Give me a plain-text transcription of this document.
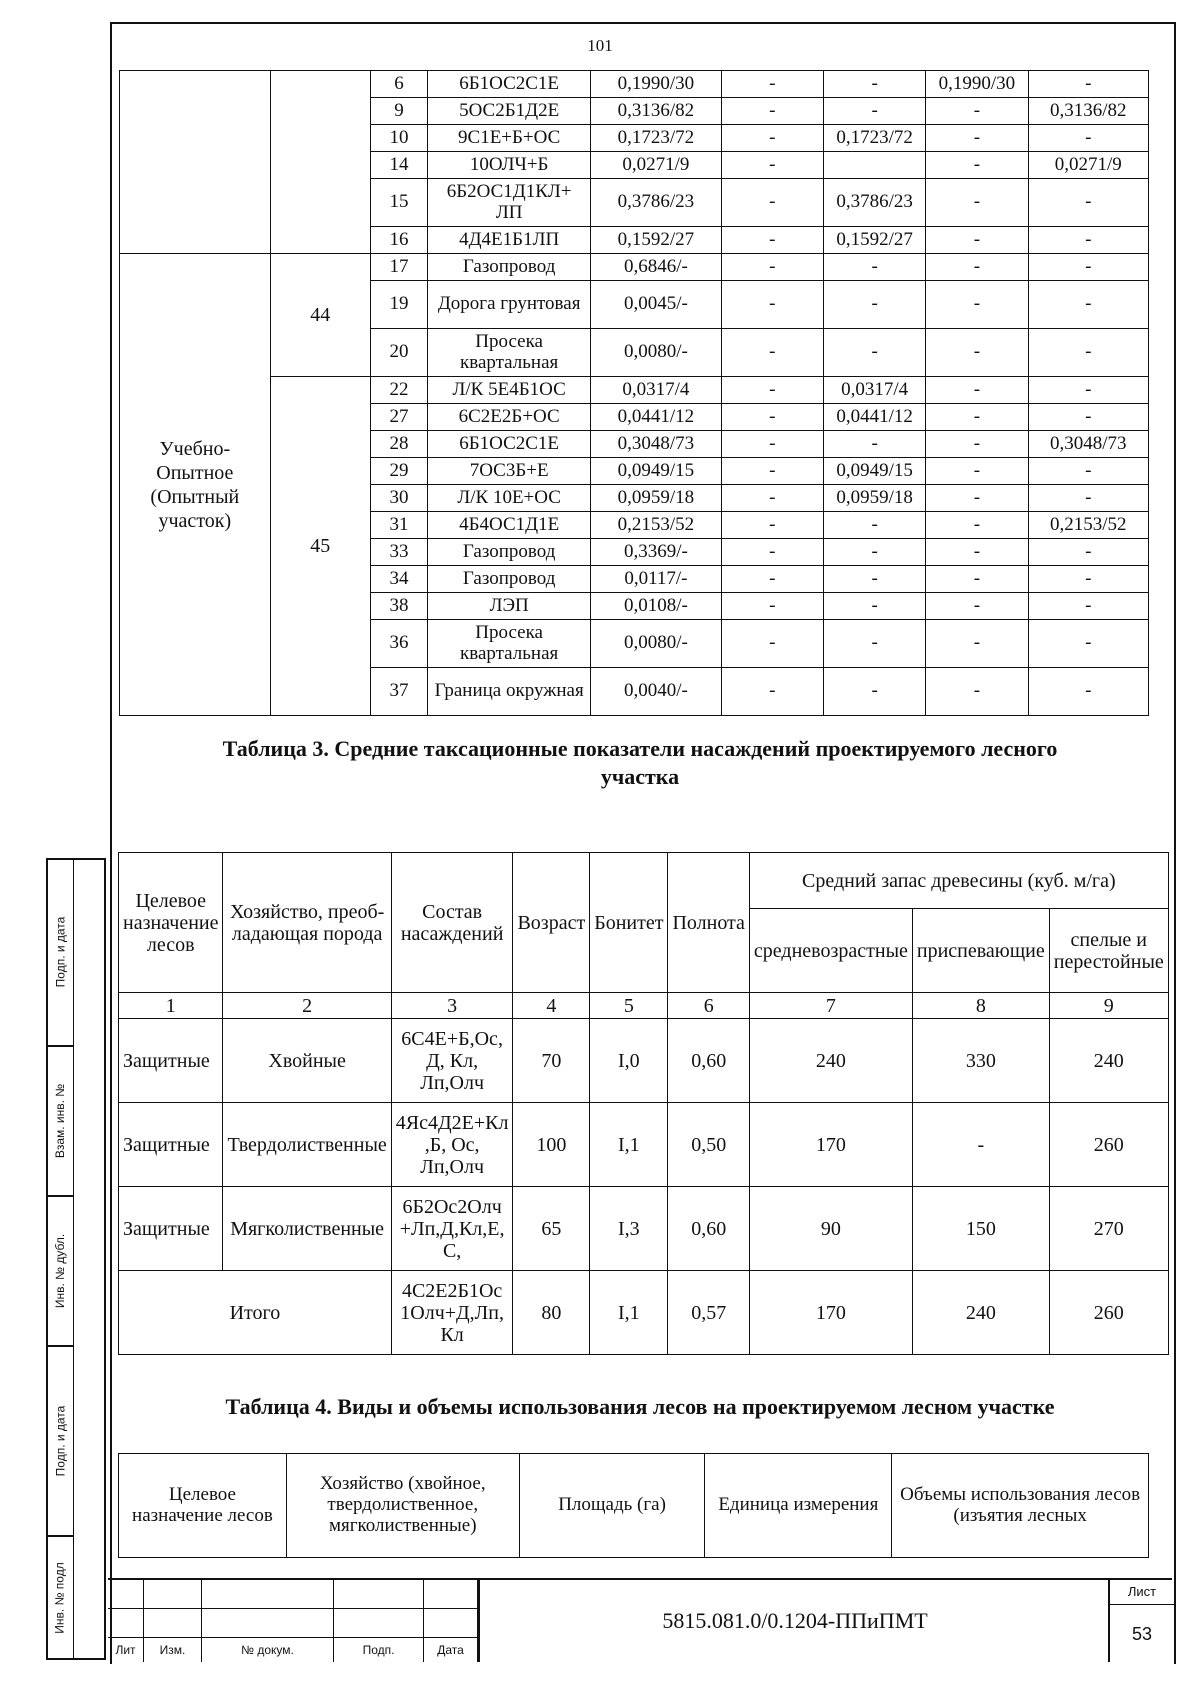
101
		6	6Б1ОС2С1Е	0,1990/30	-	-	0,1990/30	-
		9	5ОС2Б1Д2Е	0,3136/82	-	-	-	0,3136/82
		10	9С1Е+Б+ОС	0,1723/72	-	0,1723/72	-	-
		14	10ОЛЧ+Б	0,0271/9	-		-	0,0271/9
		15	6Б2ОС1Д1КЛ+ ЛП	0,3786/23	-	0,3786/23	-	-
		16	4Д4Е1Б1ЛП	0,1592/27	-	0,1592/27	-	-
Учебно- Опытное (Опытный участок)	44	17	Газопровод	0,6846/-	-	-	-	-
		19	Дорога грунтовая	0,0045/-	-	-	-	-
		20	Просека квартальная	0,0080/-	-	-	-	-
	45	22	Л/К 5Е4Б1ОС	0,0317/4	-	0,0317/4	-	-
		27	6С2Е2Б+ОС	0,0441/12	-	0,0441/12	-	-
		28	6Б1ОС2С1Е	0,3048/73	-	-	-	0,3048/73
		29	7ОС3Б+Е	0,0949/15	-	0,0949/15	-	-
		30	Л/К 10Е+ОС	0,0959/18	-	0,0959/18	-	-
		31	4Б4ОС1Д1Е	0,2153/52	-	-	-	0,2153/52
		33	Газопровод	0,3369/-	-	-	-	-
		34	Газопровод	0,0117/-	-	-	-	-
		38	ЛЭП	0,0108/-	-	-	-	-
		36	Просека квартальная	0,0080/-	-	-	-	-
		37	Граница окружная	0,0040/-	-	-	-	-
Таблица 3. Средние таксационные показатели насаждений проектируемого лесного участка
Целевое назначение лесов	Хозяйство, преоб- ладающая порода	Состав насаждений	Возраст	Бонитет	Полнота	Средний запас древесины (куб. м/га)		
						средневозрастные	приспевающие	спелые и перестойные
1	2	3	4	5	6	7	8	9
Защитные	Хвойные	6С4Е+Б,Ос, Д, Кл, Лп,Олч	70	I,0	0,60	240	330	240
Защитные	Твердолиственные	4Яс4Д2Е+Кл ,Б, Ос, Лп,Олч	100	I,1	0,50	170	-	260
Защитные	Мягколиственные	6Б2Ос2Олч +Лп,Д,Кл,Е, С,	65	I,3	0,60	90	150	270
Итого		4С2Е2Б1Ос 1Олч+Д,Лп, Кл	80	I,1	0,57	170	240	260
Таблица 4. Виды и объемы использования лесов на проектируемом лесном участке
Целевое назначение лесов	Хозяйство (хвойное, твердолиственное, мягколиственные)	Площадь (га)	Единица измерения	Объемы использования лесов (изъятия лесных
Подп. и дата
Взам. инв. №
Инв. № дубл.
Подп. и дата
Инв. № подл
Лит	Изм.	№ докум.	Подп.	Дата
5815.081.0/0.1204-ППиПМТ
Лист
53
